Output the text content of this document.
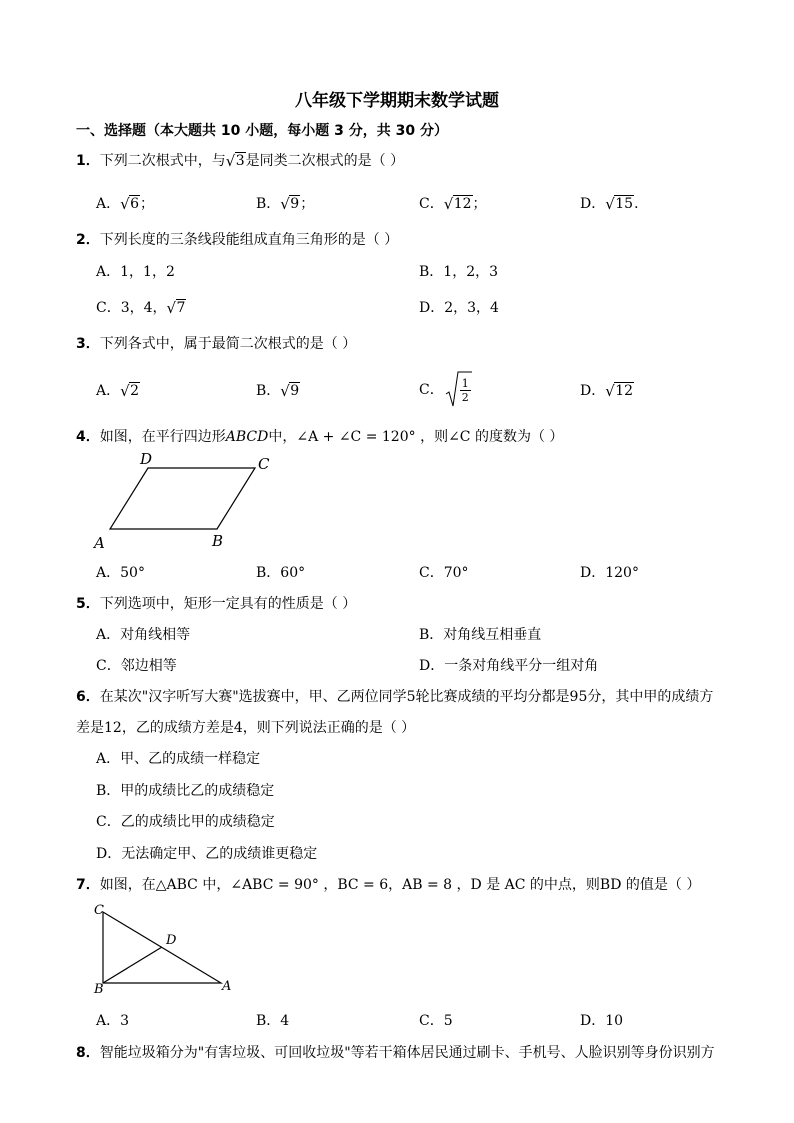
八年级下学期期末数学试题
一、选择题（本大题共 10 小题，每小题 3 分，共 30 分）
1．下列二次根式中，与 √ 3是同类二次根式的是（ ）
A． √ 6；	B． √ 9；	C． √ 12；	D． √ 15．
2．下列长度的三条线段能组成直角三角形的是（ ）
A．1，1，2	B．1，2，3
C．3，4， √ 7	D．2，3，4
3．下列各式中，属于最简二次根式的是（ ）
A． √ 2	B． √ 9	C． $\frac{1}{2}$	D． √ 12
4．如图，在平行四边形ABCD中，∠A + ∠C = 120° ，则∠C 的度数为（ ）
A	B
C
D
A．50°	B．60°	C．70°	D．120°
5．下列选项中，矩形一定具有的性质是（ ）
A．对角线相等	B．对角线互相垂直
C．邻边相等	D．一条对角线平分一组对角
6．在某次"汉字听写大赛"选拔赛中，甲、乙两位同学5轮比赛成绩的平均分都是95分，其中甲的成绩方
差是12，乙的成绩方差是4，则下列说法正确的是（ ）
A．甲、乙的成绩一样稳定
B．甲的成绩比乙的成绩稳定
C．乙的成绩比甲的成绩稳定
D．无法确定甲、乙的成绩谁更稳定
7．如图，在△ABC 中，∠ABC = 90° ，BC = 6，AB = 8 ，D 是 AC 的中点，则BD 的值是（ ）
C
B	A
D
A．3	B．4	C．5	D．10
8．智能垃圾箱分为"有害垃圾、可回收垃圾"等若干箱体居民通过刷卡、手机号、人脸识别等身份识别方
